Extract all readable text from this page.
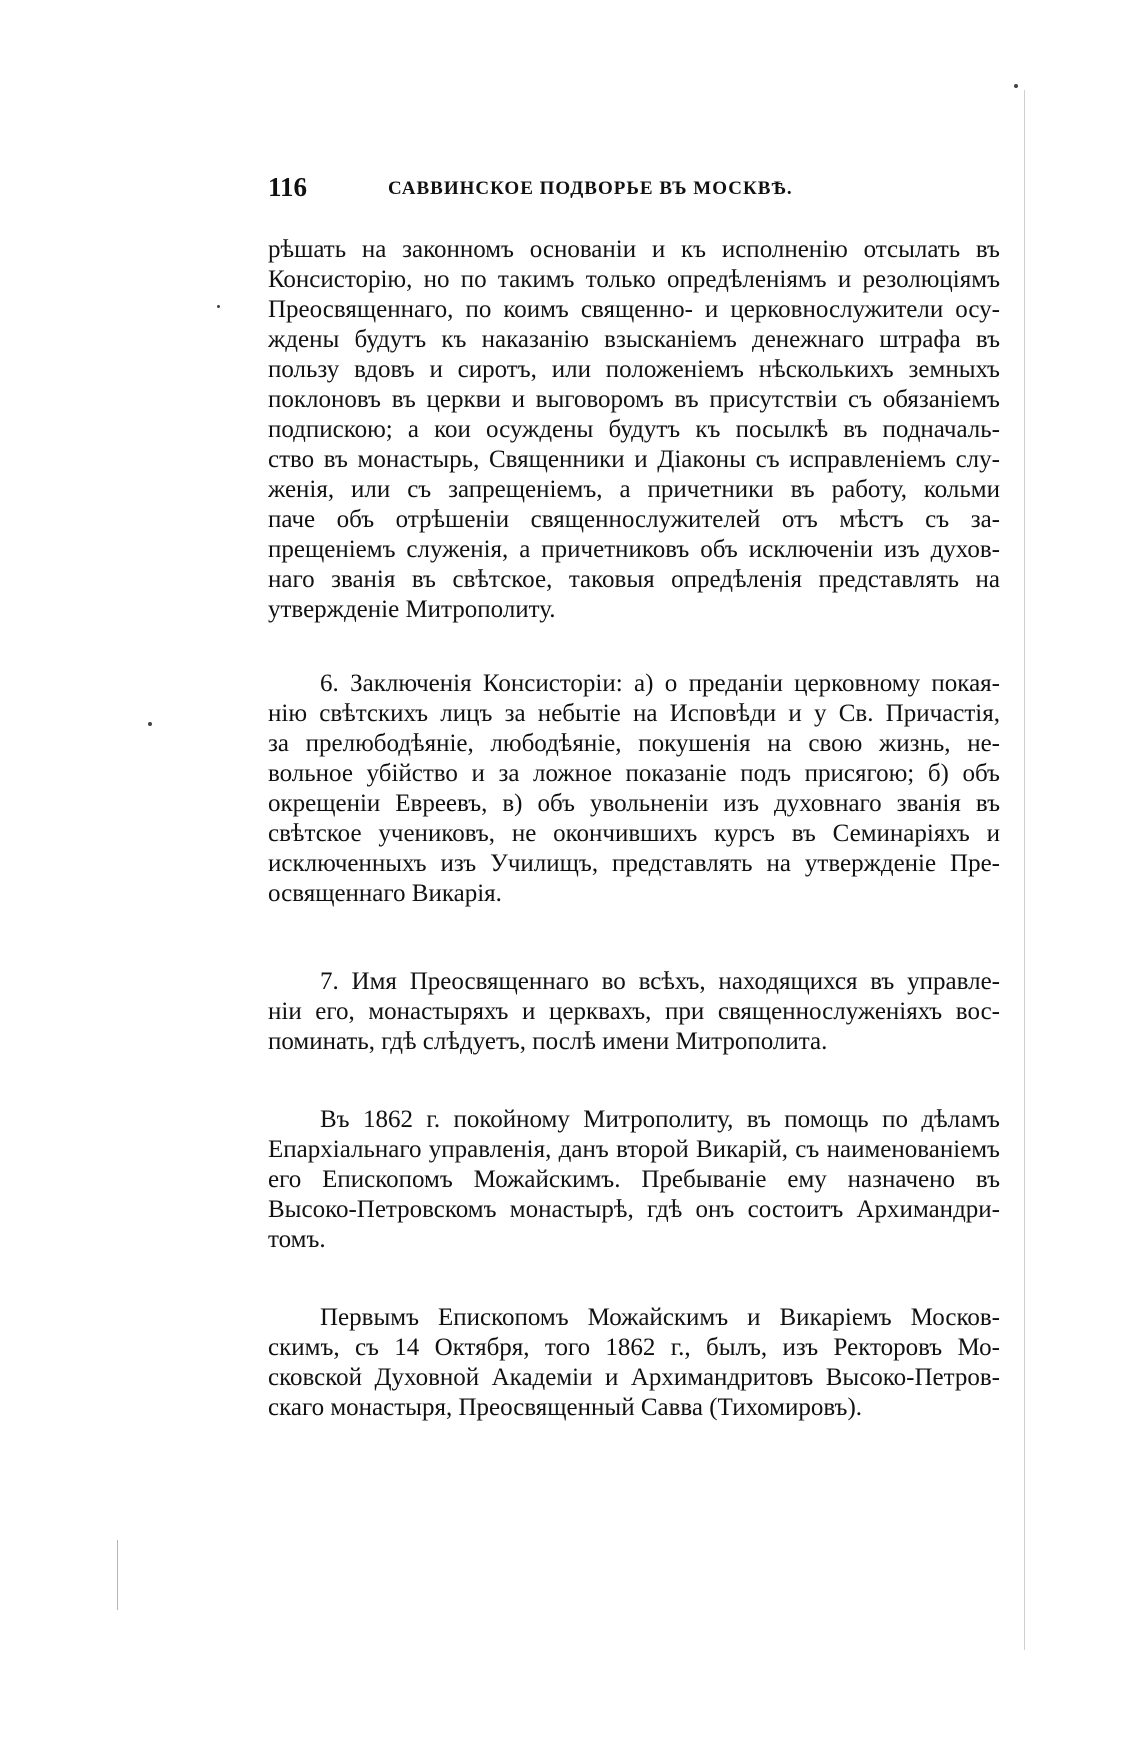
116	САВВИНСКОЕ ПОДВОРЬЕ ВЪ МОСКВѢ.
рѣшать на законномъ основаніи и къ исполненію отсылать въ
Консисторію, но по такимъ только опредѣленіямъ и резолюціямъ
Преосвященнаго, по коимъ священно- и церковнослужители осу-
ждены будутъ къ наказанію взысканіемъ денежнаго штрафа въ
пользу вдовъ и сиротъ, или положеніемъ нѣсколькихъ земныхъ
поклоновъ въ церкви и выговоромъ въ присутствіи съ обязаніемъ
подпискою; а кои осуждены будутъ къ посылкѣ въ подначаль-
ство въ монастырь, Священники и Діаконы съ исправленіемъ слу-
женія, или съ запрещеніемъ, а причетники въ работу, кольми
паче объ отрѣшеніи священнослужителей отъ мѣстъ съ за-
прещеніемъ служенія, а причетниковъ объ исключеніи изъ духов-
наго званія въ свѣтское, таковыя опредѣленія представлять на
утвержденіе Митрополиту.
6. Заключенія Консисторіи: а) о преданіи церковному покая-
нію свѣтскихъ лицъ за небытіе на Исповѣди и у Св. Причастія,
за прелюбодѣяніе, любодѣяніе, покушенія на свою жизнь, не-
вольное убійство и за ложное показаніе подъ присягою; б) объ
окрещеніи Евреевъ, в) объ увольненіи изъ духовнаго званія въ
свѣтское учениковъ, не окончившихъ курсъ въ Семинаріяхъ и
исключенныхъ изъ Училищъ, представлять на утвержденіе Пре-
освященнаго Викарія.
7. Имя Преосвященнаго во всѣхъ, находящихся въ управле-
ніи его, монастыряхъ и церквахъ, при священнослуженіяхъ вос-
поминать, гдѣ слѣдуетъ, послѣ имени Митрополита.
Въ 1862 г. покойному Митрополиту, въ помощь по дѣламъ
Епархіальнаго управленія, данъ второй Викарій, съ наименованіемъ
его Епископомъ Можайскимъ. Пребываніе ему назначено въ
Высоко-Петровскомъ монастырѣ, гдѣ онъ состоитъ Архимандри-
томъ.
Первымъ Епископомъ Можайскимъ и Викаріемъ Москов-
скимъ, съ 14 Октября, того 1862 г., былъ, изъ Ректоровъ Мо-
сковской Духовной Академіи и Архимандритовъ Высоко-Петров-
скаго монастыря, Преосвященный Савва (Тихомировъ).
